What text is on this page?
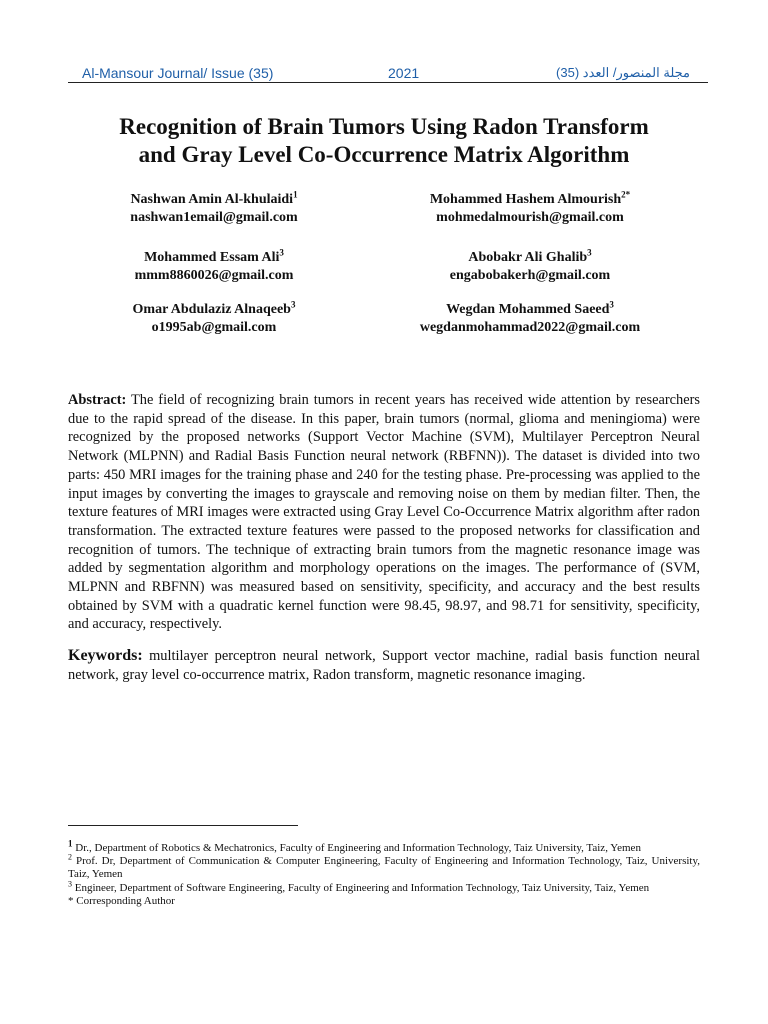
Al-Mansour Journal/ Issue (35)	2021	مجلة المنصور/ العدد (35)
Recognition of Brain Tumors Using Radon Transform
and Gray Level Co-Occurrence Matrix Algorithm
Nashwan Amin Al-khulaidi$^1$
nashwan1email@gmail.com
Mohammed Hashem Almourish$^{2*}$
mohmedalmourish@gmail.com
Mohammed Essam Ali$^3$
mmm8860026@gmail.com
Abobakr Ali Ghalib$^3$
engabobakerh@gmail.com
Omar Abdulaziz Alnaqeeb$^3$
o1995ab@gmail.com
Wegdan Mohammed Saeed$^3$
wegdanmohammad2022@gmail.com
Abstract: The field of recognizing brain tumors in recent years has received wide attention by researchers due to the rapid spread of the disease. In this paper, brain tumors (normal, glioma and meningioma) were recognized by the proposed networks (Support Vector Machine (SVM), Multilayer Perceptron Neural Network (MLPNN) and Radial Basis Function neural network (RBFNN)). The dataset is divided into two parts: 450 MRI images for the training phase and 240 for the testing phase. Pre-processing was applied to the input images by converting the images to grayscale and removing noise on them by median filter. Then, the texture features of MRI images were extracted using Gray Level Co-Occurrence Matrix algorithm after radon transformation. The extracted texture features were passed to the proposed networks for classification and recognition of tumors. The technique of extracting brain tumors from the magnetic resonance image was added by segmentation algorithm and morphology operations on the images. The performance of (SVM, MLPNN and RBFNN) was measured based on sensitivity, specificity, and accuracy and the best results obtained by SVM with a quadratic kernel function were 98.45, 98.97, and 98.71 for sensitivity, specificity, and accuracy, respectively.
Keywords: multilayer perceptron neural network, Support vector machine, radial basis function neural network, gray level co-occurrence matrix, Radon transform, magnetic resonance imaging.

$^1$ Dr., Department of Robotics & Mechatronics, Faculty of Engineering and Information Technology, Taiz University, Taiz, Yemen

$^2$ Prof. Dr, Department of Communication & Computer Engineering, Faculty of Engineering and Information Technology, Taiz, University, Taiz, Yemen

$^3$ Engineer, Department of Software Engineering, Faculty of Engineering and Information Technology, Taiz University, Taiz, Yemen

* Corresponding Author
